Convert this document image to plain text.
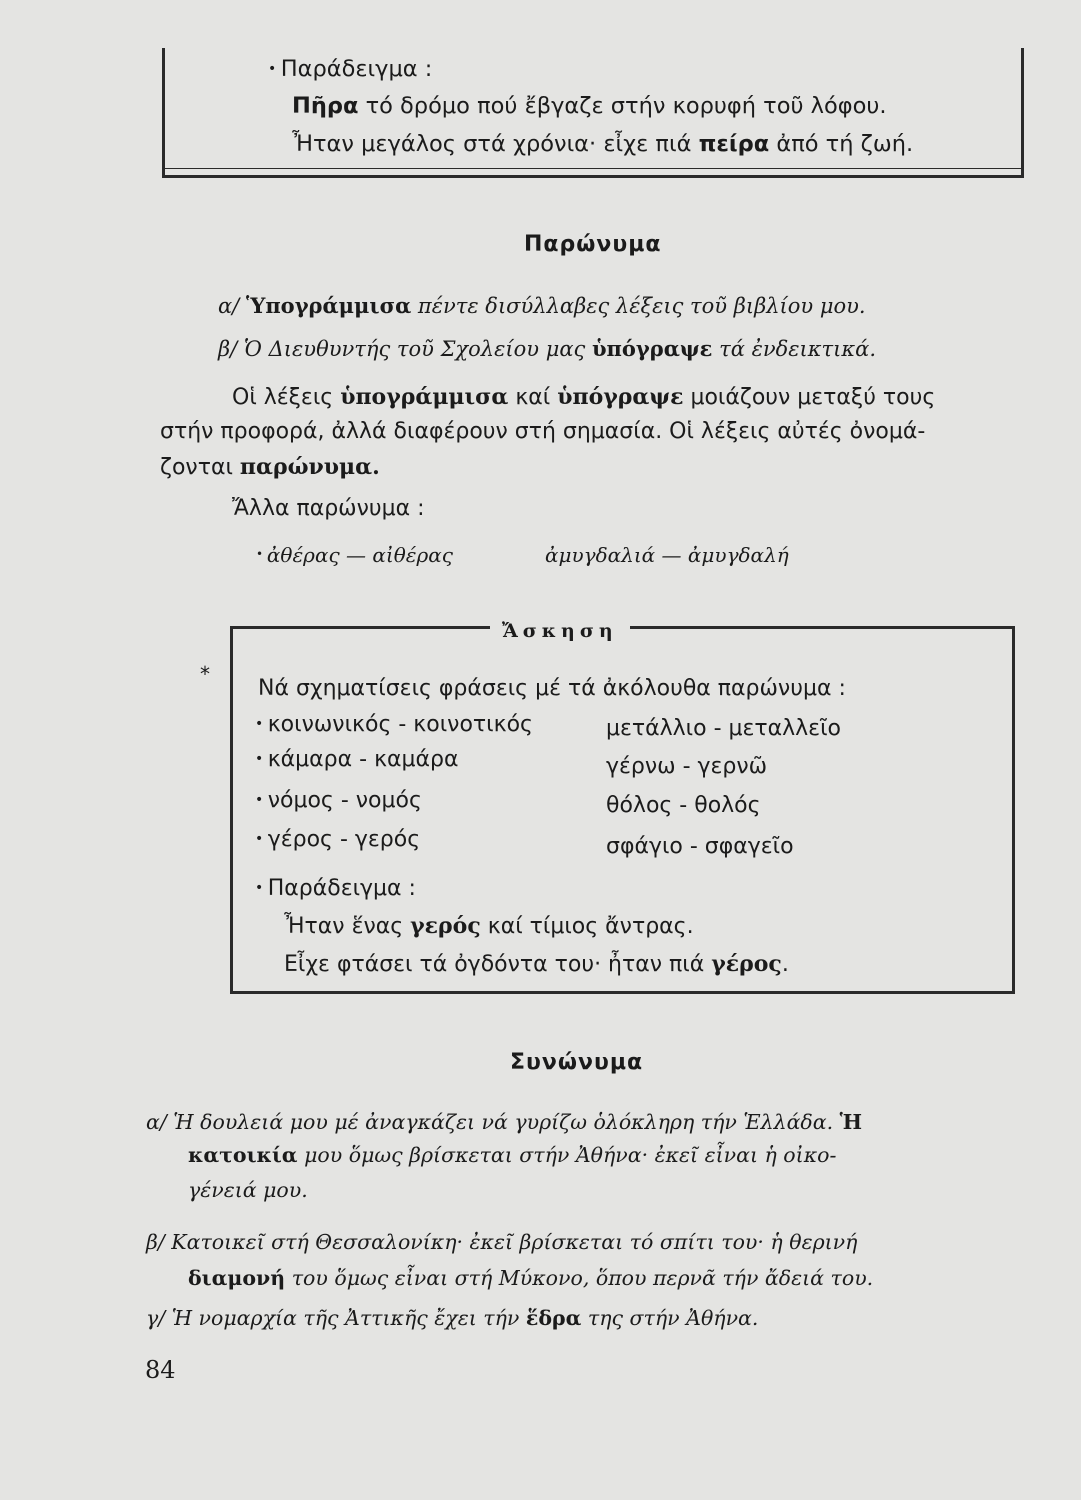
• Παράδειγμα :
Πῆρα τό δρόμο πού ἔβγαζε στήν κορυφή τοῦ λόφου.
Ἦταν μεγάλος στά χρόνια· εἶχε πιά πείρα ἀπό τή ζωή.
Παρώνυμα
α/ Ὑπογράμμισα πέντε δισύλλαβες λέξεις τοῦ βιβλίου μου.
β/ Ὁ Διευθυντής τοῦ Σχολείου μας ὑπόγραψε τά ἐνδεικτικά.
Οἱ λέξεις ὑπογράμμισα καί ὑπόγραψε μοιάζουν μεταξύ τους
στήν προφορά, ἀλλά διαφέρουν στή σημασία. Οἱ λέξεις αὐτές ὀνομά-
ζονται παρώνυμα.
Ἄλλα παρώνυμα :
• ἀθέρας — αἰθέρας	ἀμυγδαλιά — ἀμυγδαλή
Ἄσκηση
*
Νά σχηματίσεις φράσεις μέ τά ἀκόλουθα παρώνυμα :
• κοινωνικός - κοινοτικός
• κάμαρα - καμάρα
• νόμος - νομός
• γέρος - γερός
μετάλλιο - μεταλλεῖο
γέρνω - γερνῶ
θόλος - θολός
σφάγιο - σφαγεῖο
• Παράδειγμα :
Ἦταν ἕνας γερός καί τίμιος ἄντρας.
Εἶχε φτάσει τά ὀγδόντα του· ἦταν πιά γέρος.
Συνώνυμα
α/ Ἡ δουλειά μου μέ ἀναγκάζει νά γυρίζω ὁλόκληρη τήν Ἑλλάδα. Ἡ
κατοικία μου ὅμως βρίσκεται στήν Ἀθήνα· ἐκεῖ εἶναι ἡ οἰκο-
γένειά μου.
β/ Κατοικεῖ στή Θεσσαλονίκη· ἐκεῖ βρίσκεται τό σπίτι του· ἡ θερινή
διαμονή του ὅμως εἶναι στή Μύκονο, ὅπου περνᾶ τήν ἄδειά του.
γ/ Ἡ νομαρχία τῆς Ἀττικῆς ἔχει τήν ἕδρα της στήν Ἀθήνα.
84
